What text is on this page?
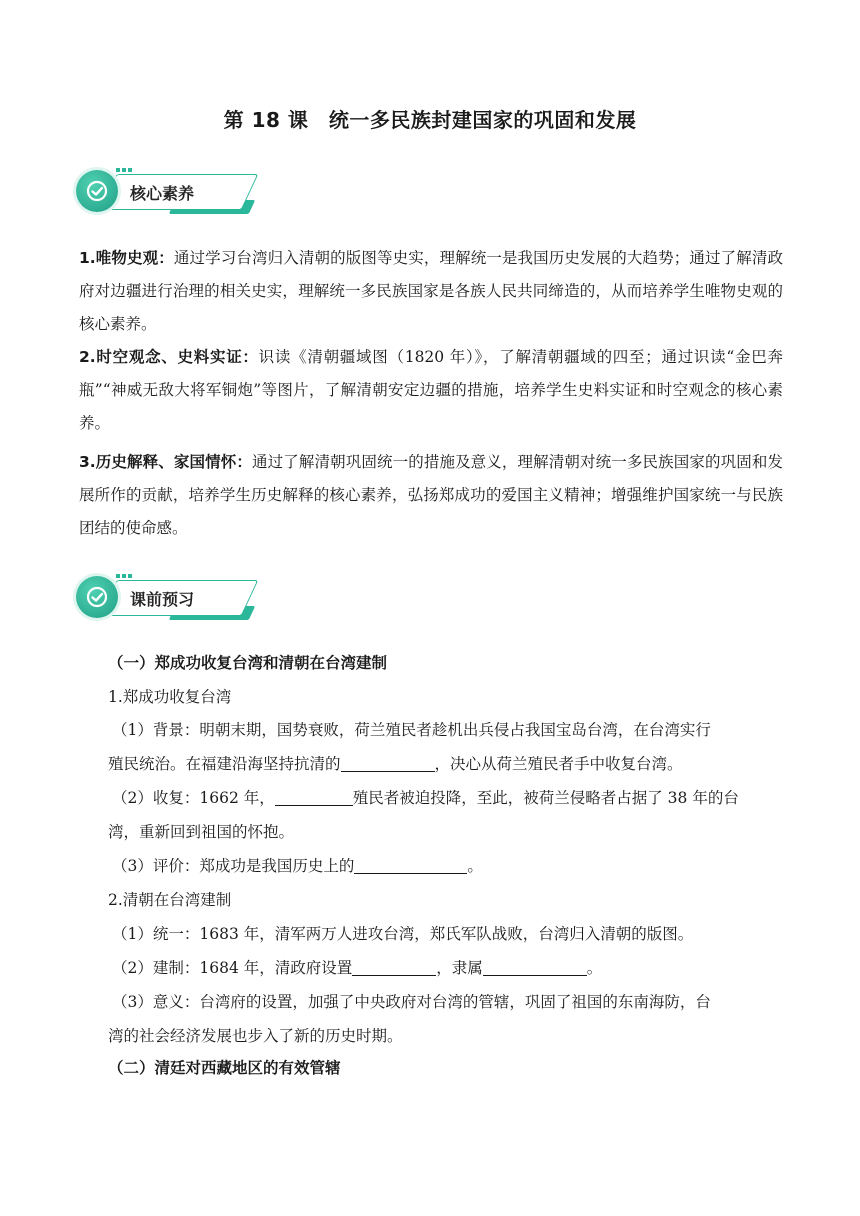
第 18 课　统一多民族封建国家的巩固和发展
核心素养
1.唯物史观：通过学习台湾归入清朝的版图等史实，理解统一是我国历史发展的大趋势；通过了解清政府对边疆进行治理的相关史实，理解统一多民族国家是各族人民共同缔造的，从而培养学生唯物史观的核心素养。
2.时空观念、史料实证：识读《清朝疆域图（1820 年）》，了解清朝疆域的四至；通过识读“金巴奔瓶”“神威无敌大将军铜炮”等图片，了解清朝安定边疆的措施，培养学生史料实证和时空观念的核心素养。
3.历史解释、家国情怀：通过了解清朝巩固统一的措施及意义，理解清朝对统一多民族国家的巩固和发展所作的贡献，培养学生历史解释的核心素养，弘扬郑成功的爱国主义精神；增强维护国家统一与民族团结的使命感。
课前预习
（一）郑成功收复台湾和清朝在台湾建制
1.郑成功收复台湾
（1）背景：明朝末期，国势衰败，荷兰殖民者趁机出兵侵占我国宝岛台湾，在台湾实行
殖民统治。在福建沿海坚持抗清的	，决心从荷兰殖民者手中收复台湾。
（2）收复：1662 年，	殖民者被迫投降，至此，被荷兰侵略者占据了 38 年的台
湾，重新回到祖国的怀抱。
（3）评价：郑成功是我国历史上的	。
2.清朝在台湾建制
（1）统一：1683 年，清军两万人进攻台湾，郑氏军队战败，台湾归入清朝的版图。
（2）建制：1684 年，清政府设置	，隶属	。
（3）意义：台湾府的设置，加强了中央政府对台湾的管辖，巩固了祖国的东南海防，台
湾的社会经济发展也步入了新的历史时期。
（二）清廷对西藏地区的有效管辖
